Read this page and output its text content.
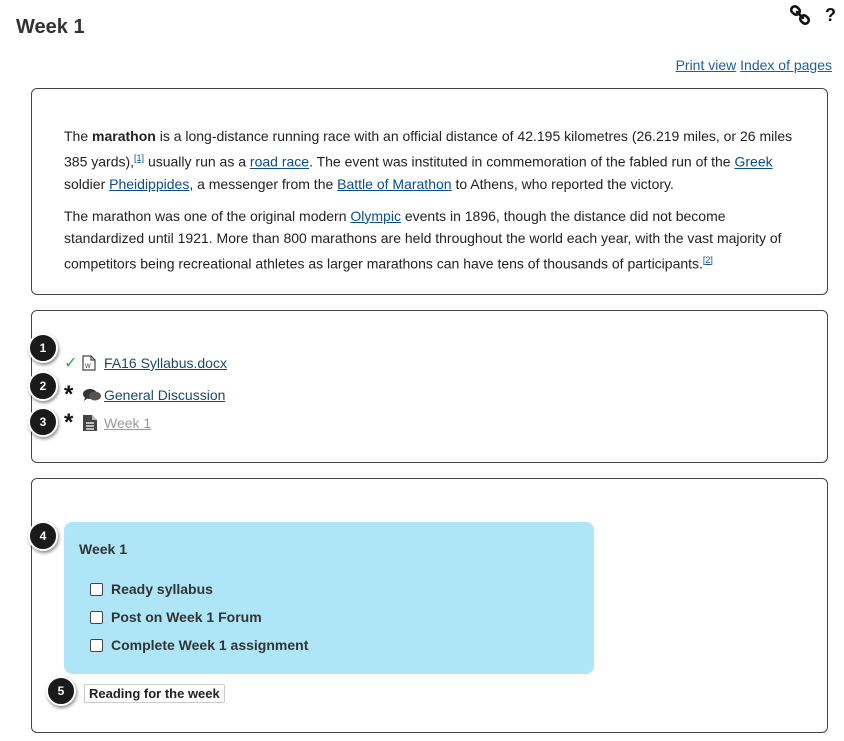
Week 1
?
Print view Index of pages

The marathon is a long-distance running race with an official distance of 42.195 kilometres (26.219 miles, or 26 miles 385 yards),[1] usually run as a road race. The event was instituted in commemoration of the fabled run of the Greek soldier Pheidippides, a messenger from the Battle of Marathon to Athens, who reported the victory.

The marathon was one of the original modern Olympic events in 1896, though the distance did not become standardized until 1921. More than 800 marathons are held throughout the world each year, with the vast majority of competitors being recreational athletes as larger marathons can have tens of thousands of participants.[2]

1
✓	W FA16 Syllabus.docx
2 *	General Discussion
3 *	Week 1
4
Week 1
Ready syllabus
Post on Week 1 Forum
Complete Week 1 assignment
5	Reading for the week
